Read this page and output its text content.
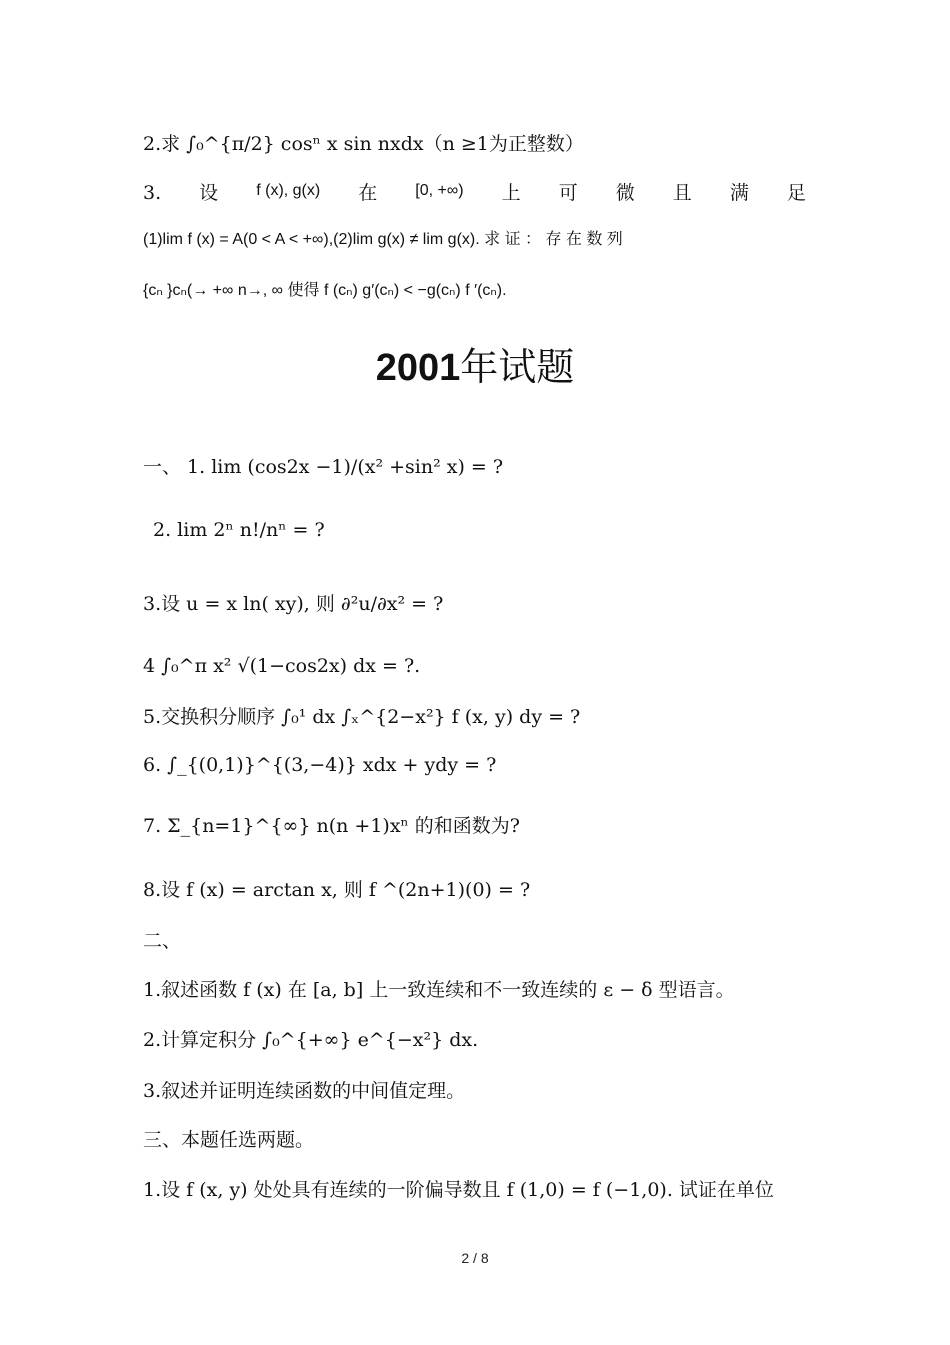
2.求 ∫₀^{π/2} cosⁿ x sin nxdx（n ≥1为正整数）
3. 设 f (x), g(x) 在 [0, +∞) 上 可 微 且 满 足
(1)lim f (x) = A(0 < A < +∞),(2)lim g(x) ≠ lim g(x). 求 证 ： 存 在 数 列
{cₙ }cₙ(→ +∞ n→, ∞ 使得 f (cₙ) g′(cₙ) < −g(cₙ) f ′(cₙ).
2001年试题
一、 1. lim (cos2x −1)/(x² +sin² x) = ?
2. lim 2ⁿ n!/nⁿ = ?
3.设 u = x ln( xy), 则 ∂²u/∂x² = ?
4 ∫₀^π x² √(1−cos2x) dx = ?.
5.交换积分顺序 ∫₀¹ dx ∫ₓ^{2−x²} f (x, y) dy = ?
6. ∫_{(0,1)}^{(3,−4)} xdx + ydy = ?
7. Σ_{n=1}^{∞} n(n +1)xⁿ 的和函数为?
8.设 f (x) = arctan x, 则 f ^(2n+1)(0) = ?
二、
1.叙述函数 f (x) 在 [a, b] 上一致连续和不一致连续的 ε − δ 型语言。
2.计算定积分 ∫₀^{+∞} e^{−x²} dx.
3.叙述并证明连续函数的中间值定理。
三、本题任选两题。
1.设 f (x, y) 处处具有连续的一阶偏导数且 f (1,0) = f (−1,0). 试证在单位
2 / 8
